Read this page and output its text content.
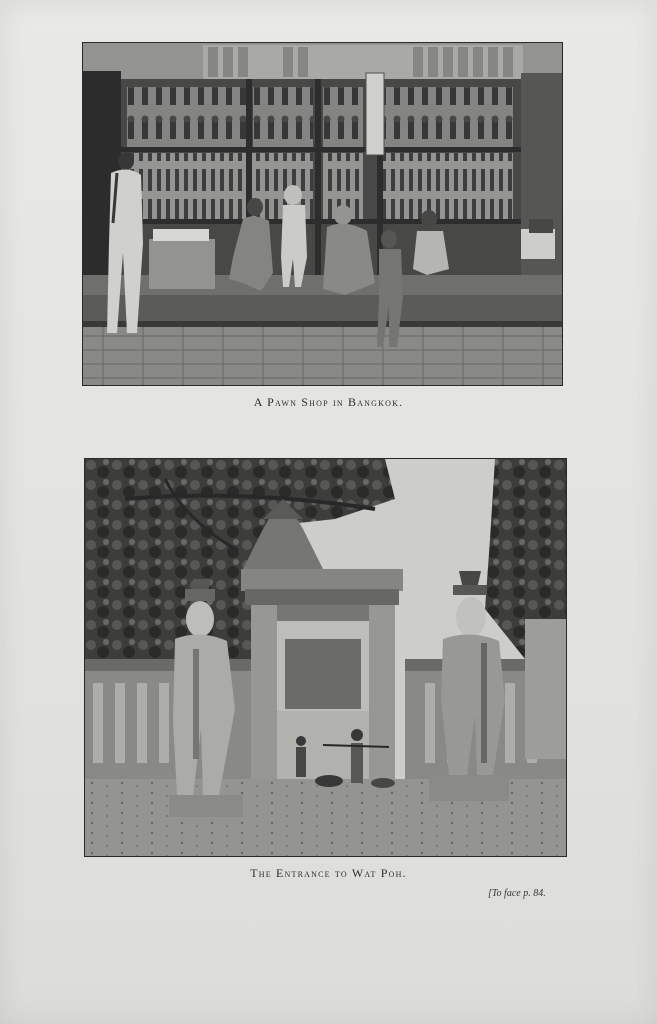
A Pawn Shop in Bangkok.
The Entrance to Wat Poh.
[To face p. 84.
